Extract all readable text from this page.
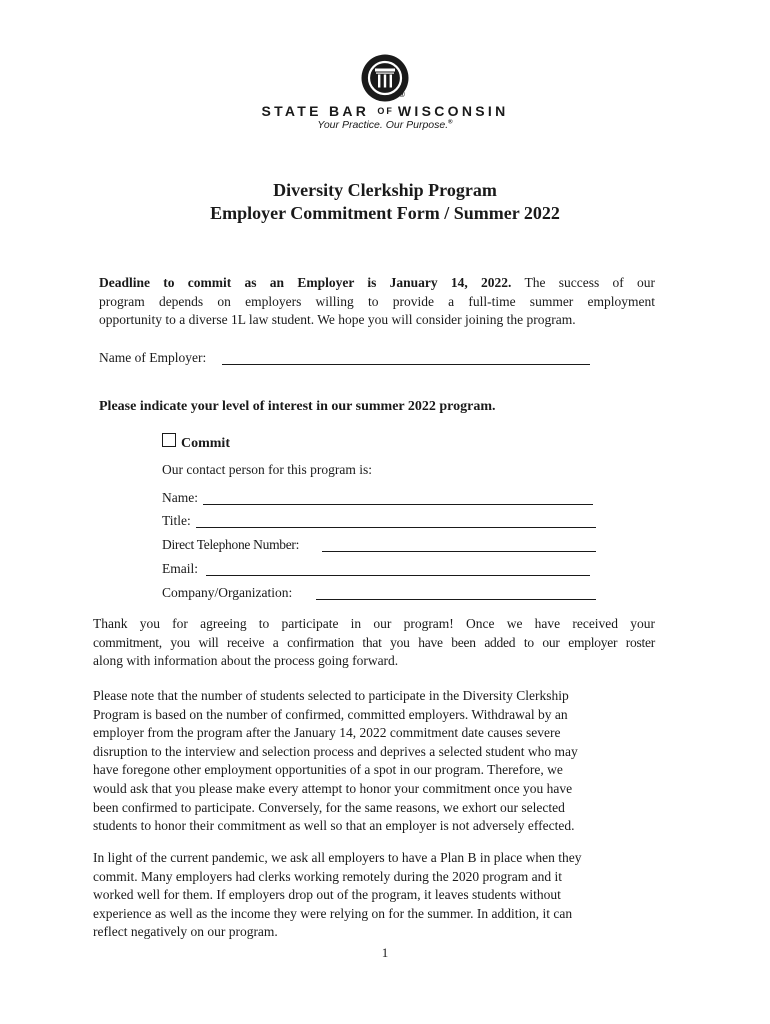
®
STATE BAR OF WISCONSIN
Your Practice. Our Purpose.®
Diversity Clerkship Program
Employer Commitment Form / Summer 2022
Deadline to commit as an Employer is January 14, 2022. The success of our
program depends on employers willing to provide a full-time summer employment
opportunity to a diverse 1L law student. We hope you will consider joining the program.
Name of Employer:
Please indicate your level of interest in our summer 2022 program.
Commit
Our contact person for this program is:
Name:
Title:
Direct Telephone Number:
Email:
Company/Organization:
Thank you for agreeing to participate in our program! Once we have received your
commitment, you will receive a confirmation that you have been added to our employer roster
along with information about the process going forward.
Please note that the number of students selected to participate in the Diversity Clerkship
Program is based on the number of confirmed, committed employers. Withdrawal by an
employer from the program after the January 14, 2022 commitment date causes severe
disruption to the interview and selection process and deprives a selected student who may
have foregone other employment opportunities of a spot in our program. Therefore, we
would ask that you please make every attempt to honor your commitment once you have
been confirmed to participate. Conversely, for the same reasons, we exhort our selected
students to honor their commitment as well so that an employer is not adversely effected.
In light of the current pandemic, we ask all employers to have a Plan B in place when they
commit. Many employers had clerks working remotely during the 2020 program and it
worked well for them. If employers drop out of the program, it leaves students without
experience as well as the income they were relying on for the summer. In addition, it can
reflect negatively on our program.
1
